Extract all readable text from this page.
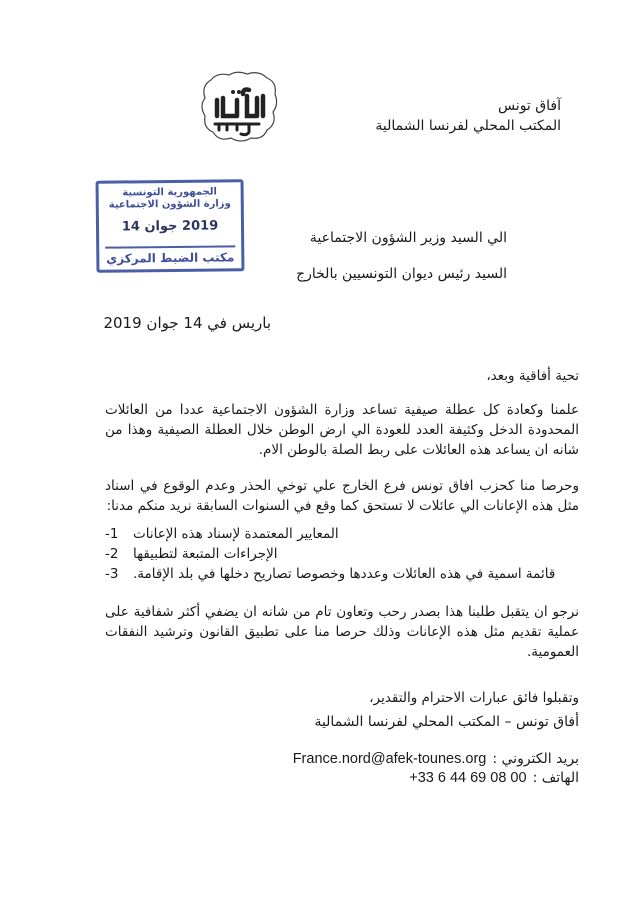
آفاق تونس
المكتب المحلي لفرنسا الشمالية
الجمهورية التونسية
وزارة الشؤون الاجتماعية
2019 جوان 14
مكتب الضبط المركزي
الي السيد وزير الشؤون الاجتماعية
السيد رئيس ديوان التونسيين بالخارج
باريس في 14 جوان 2019

تحية أفاقية وبعد،

علمنا وكعادة كل عطلة صيفية تساعد وزارة الشؤون الاجتماعية عددا من العائلات المحدودة الدخل وكثيفة العدد للعودة الي ارض الوطن خلال العطلة الصيفية وهذا من شانه ان يساعد هذه العائلات على ربط الصلة بالوطن الام.

وحرصا منا كحزب افاق تونس فرع الخارج علي توخي الحذر وعدم الوقوع في اسناد مثل هذه الإعانات الي عائلات لا تستحق كما وقع في السنوات السابقة نريد منكم مدنا:

-1	المعايير المعتمدة لإسناد هذه الإعانات
-2	الإجراءات المتبعة لتطبيقها
-3	قائمة اسمية في هذه العائلات وعددها وخصوصا تصاريح دخلها في بلد الإقامة.

نرجو ان يتقبل طلبنا هذا بصدر رحب وتعاون تام من شانه ان يضفي أكثر شفافية على عملية تقديم مثل هذه الإعانات وذلك حرصا منا على تطبيق القانون وترشيد النفقات العمومية.

وتقبلوا فائق عبارات الاحترام والتقدير،

أفاق تونس – المكتب المحلي لفرنسا الشمالية
بريد الكتروني :
France.nord@afek-tounes.org
الهاتف :
+33 6 44 69 08 00
